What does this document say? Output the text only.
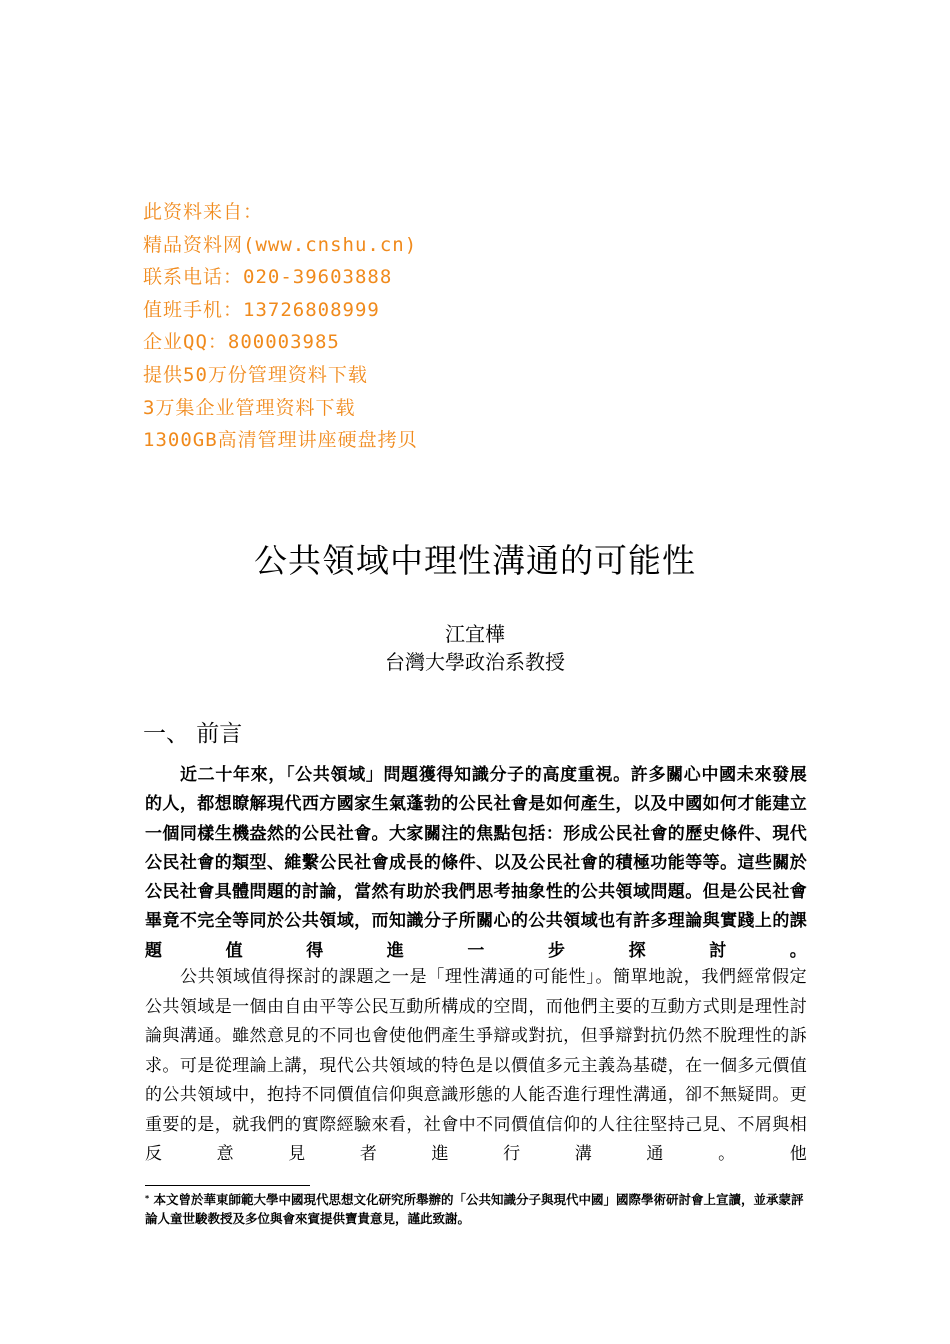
此资料来自：
精品资料网(www.cnshu.cn)
联系电话：020-39603888
值班手机：13726808999
企业QQ：800003985
提供50万份管理资料下载
3万集企业管理资料下载
1300GB高清管理讲座硬盘拷贝
公共領域中理性溝通的可能性
江宜樺
台灣大學政治系教授
一、 前言

近二十年來，「公共領域」問題獲得知識分子的高度重視。許多關心中國未來發展的人，都想瞭解現代西方國家生氣蓬勃的公民社會是如何產生，以及中國如何才能建立一個同樣生機盎然的公民社會。大家關注的焦點包括：形成公民社會的歷史條件、現代公民社會的類型、維繫公民社會成長的條件、以及公民社會的積極功能等等。這些關於公民社會具體問題的討論，當然有助於我們思考抽象性的公共領域問題。但是公民社會畢竟不完全等同於公共領域，而知識分子所關心的公共領域也有許多理論與實踐上的課題值得進一步探討。

公共領域值得探討的課題之一是「理性溝通的可能性」。簡單地說，我們經常假定公共領域是一個由自由平等公民互動所構成的空間，而他們主要的互動方式則是理性討論與溝通。雖然意見的不同也會使他們產生爭辯或對抗，但爭辯對抗仍然不脫理性的訴求。可是從理論上講，現代公共領域的特色是以價值多元主義為基礎，在一個多元價值的公共領域中，抱持不同價值信仰與意識形態的人能否進行理性溝通，卻不無疑問。更重要的是，就我們的實際經驗來看，社會中不同價值信仰的人往往堅持己見、不屑與相反意見者進行溝通。他

* 本文曾於華東師範大學中國現代思想文化研究所舉辦的「公共知識分子與現代中國」國際學術研討會上宣讀，並承蒙評論人童世駿教授及多位與會來賓提供寶貴意見，謹此致謝。
